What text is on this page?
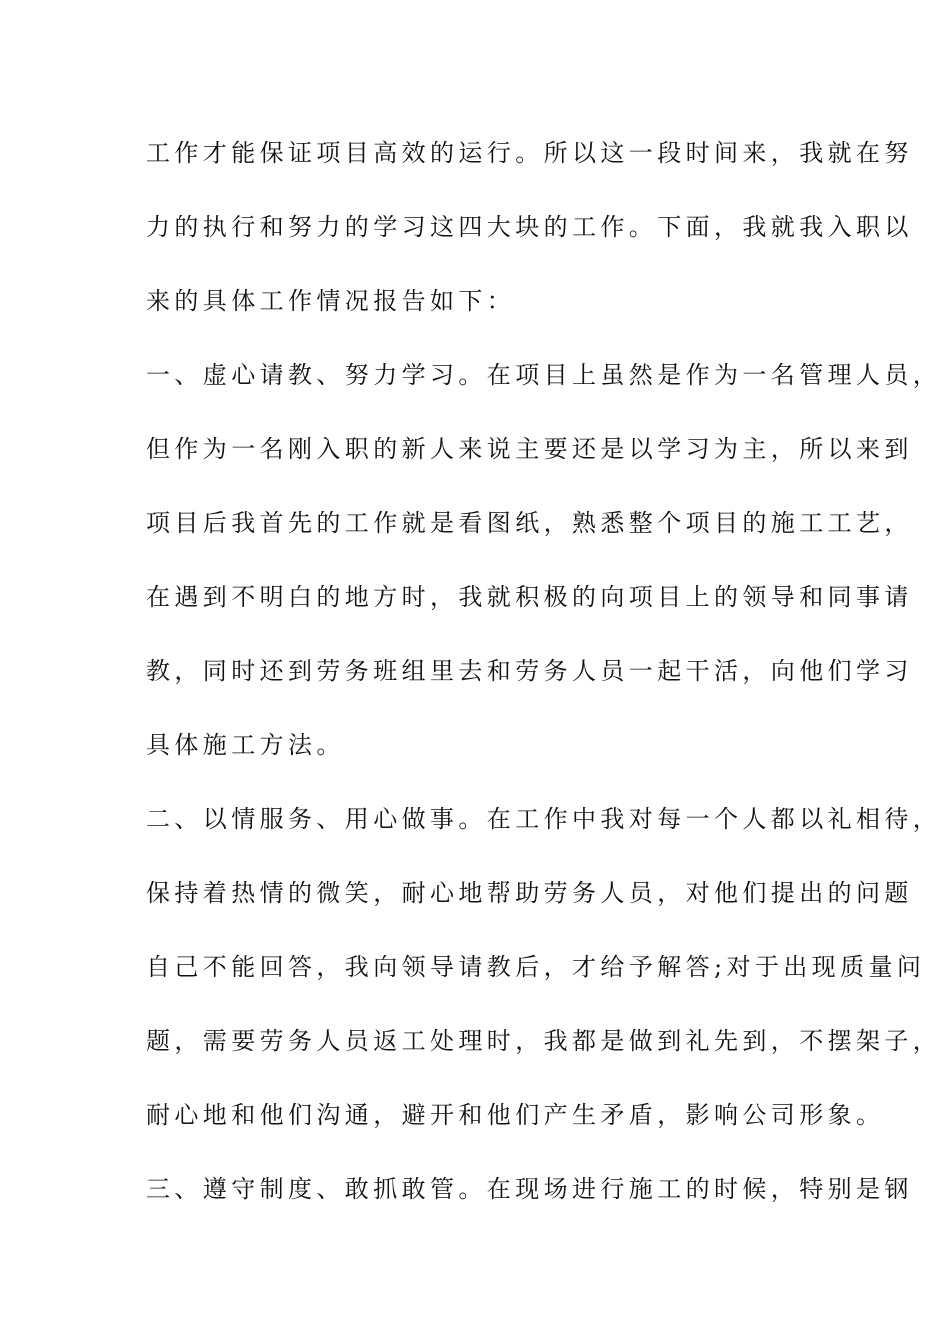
工作才能保证项目高效的运行。所以这一段时间来，我就在努
力的执行和努力的学习这四大块的工作。下面，我就我入职以
来的具体工作情况报告如下：
一、虚心请教、努力学习。在项目上虽然是作为一名管理人员，
但作为一名刚入职的新人来说主要还是以学习为主，所以来到
项目后我首先的工作就是看图纸，熟悉整个项目的施工工艺，
在遇到不明白的地方时，我就积极的向项目上的领导和同事请
教，同时还到劳务班组里去和劳务人员一起干活，向他们学习
具体施工方法。
二、以情服务、用心做事。在工作中我对每一个人都以礼相待，
保持着热情的微笑，耐心地帮助劳务人员，对他们提出的问题
自己不能回答，我向领导请教后，才给予解答;对于出现质量问
题，需要劳务人员返工处理时，我都是做到礼先到，不摆架子，
耐心地和他们沟通，避开和他们产生矛盾，影响公司形象。
三、遵守制度、敢抓敢管。在现场进行施工的时候，特别是钢
